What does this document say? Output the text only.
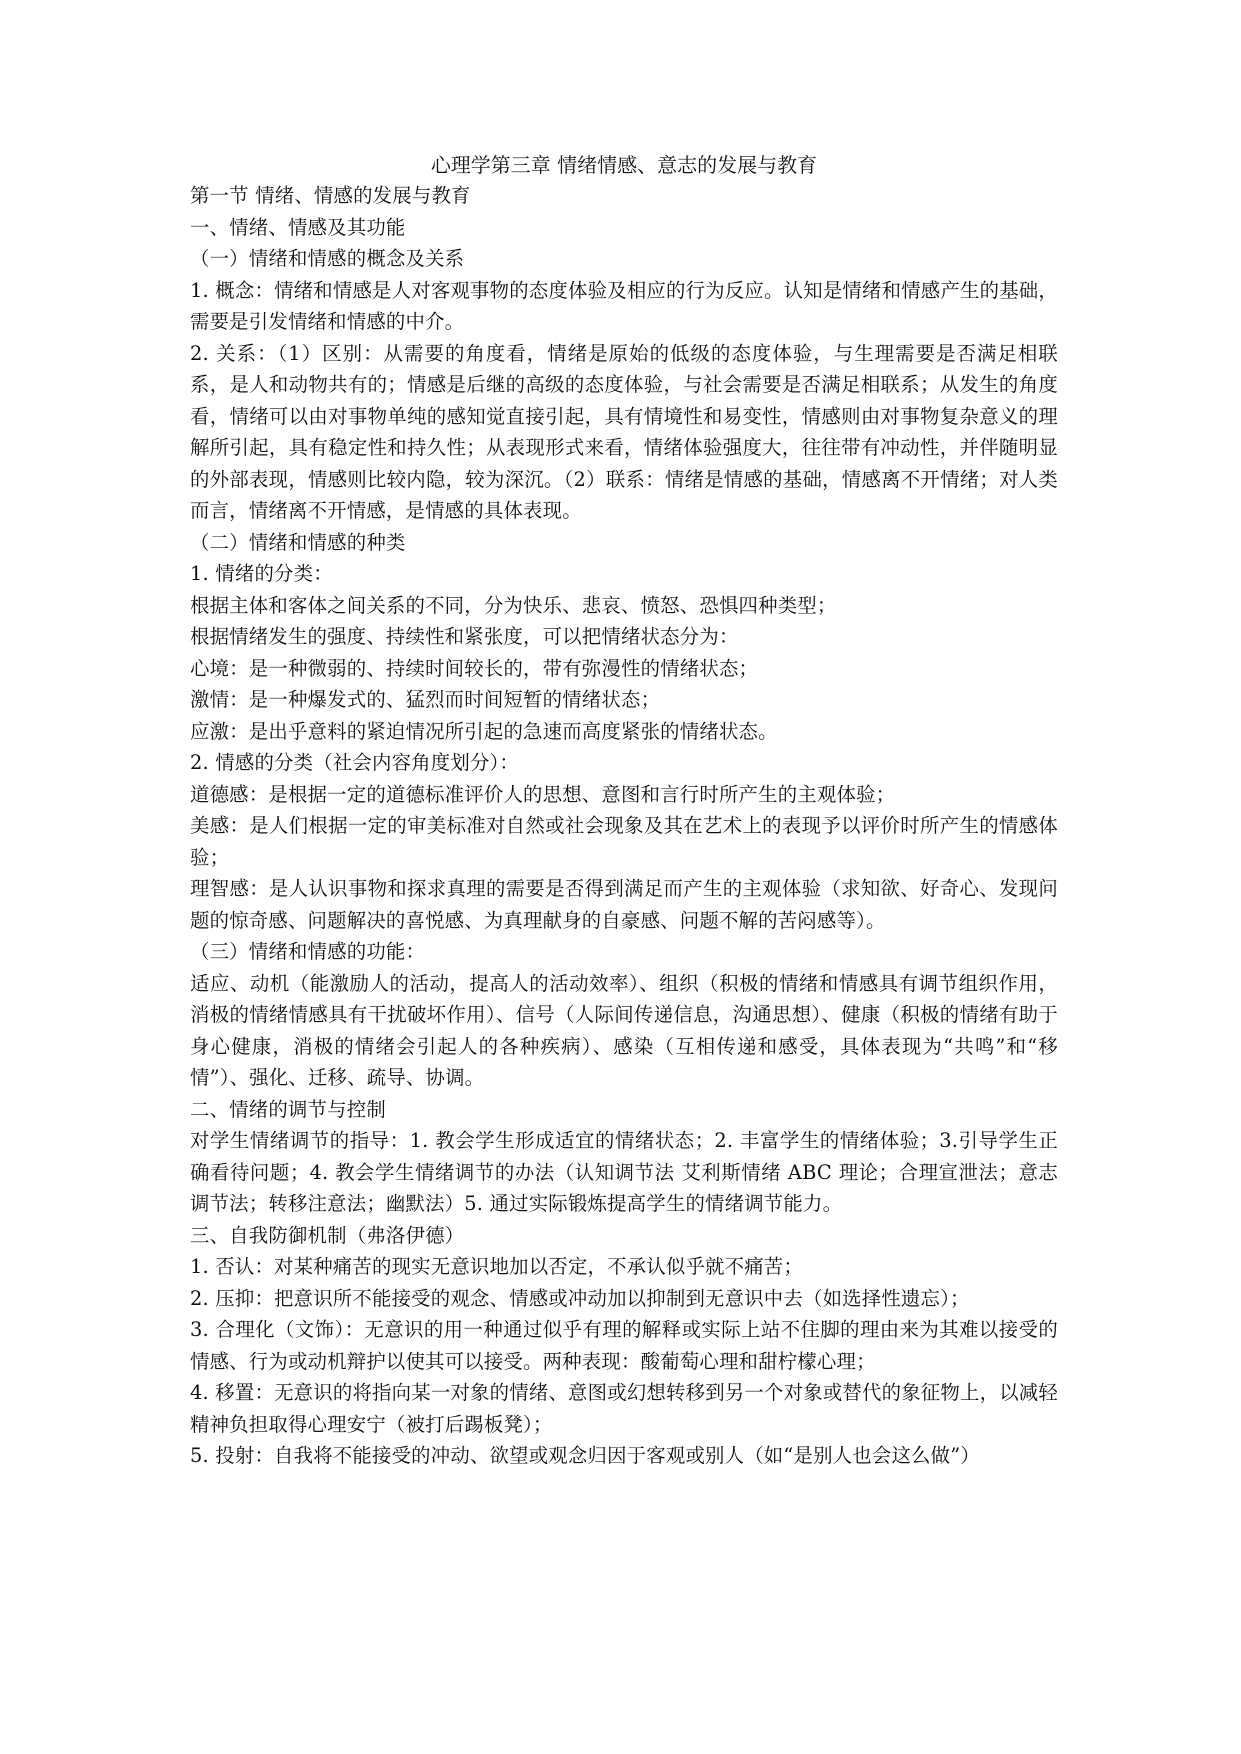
心理学第三章 情绪情感、意志的发展与教育

第一节 情绪、情感的发展与教育

一、情绪、情感及其功能

（一）情绪和情感的概念及关系

1. 概念：情绪和情感是人对客观事物的态度体验及相应的行为反应。认知是情绪和情感产生的基础，需要是引发情绪和情感的中介。

2. 关系：（1）区别：从需要的角度看，情绪是原始的低级的态度体验，与生理需要是否满足相联系，是人和动物共有的；情感是后继的高级的态度体验，与社会需要是否满足相联系；从发生的角度看，情绪可以由对事物单纯的感知觉直接引起，具有情境性和易变性，情感则由对事物复杂意义的理解所引起，具有稳定性和持久性；从表现形式来看，情绪体验强度大，往往带有冲动性，并伴随明显的外部表现，情感则比较内隐，较为深沉。（2）联系：情绪是情感的基础，情感离不开情绪；对人类而言，情绪离不开情感，是情感的具体表现。

（二）情绪和情感的种类

1. 情绪的分类：

根据主体和客体之间关系的不同，分为快乐、悲哀、愤怒、恐惧四种类型；

根据情绪发生的强度、持续性和紧张度，可以把情绪状态分为：

心境：是一种微弱的、持续时间较长的，带有弥漫性的情绪状态；

激情：是一种爆发式的、猛烈而时间短暂的情绪状态；

应激：是出乎意料的紧迫情况所引起的急速而高度紧张的情绪状态。

2. 情感的分类（社会内容角度划分）：

道德感：是根据一定的道德标准评价人的思想、意图和言行时所产生的主观体验；

美感：是人们根据一定的审美标准对自然或社会现象及其在艺术上的表现予以评价时所产生的情感体验；

理智感：是人认识事物和探求真理的需要是否得到满足而产生的主观体验（求知欲、好奇心、发现问题的惊奇感、问题解决的喜悦感、为真理献身的自豪感、问题不解的苦闷感等）。

（三）情绪和情感的功能：

适应、动机（能激励人的活动，提高人的活动效率）、组织（积极的情绪和情感具有调节组织作用，消极的情绪情感具有干扰破坏作用）、信号（人际间传递信息，沟通思想）、健康（积极的情绪有助于身心健康，消极的情绪会引起人的各种疾病）、感染（互相传递和感受，具体表现为“共鸣”和“移情”）、强化、迁移、疏导、协调。

二、情绪的调节与控制

对学生情绪调节的指导：1. 教会学生形成适宜的情绪状态；2. 丰富学生的情绪体验；3.引导学生正确看待问题；4. 教会学生情绪调节的办法（认知调节法 艾利斯情绪 ABC 理论；合理宣泄法；意志调节法；转移注意法；幽默法）5. 通过实际锻炼提高学生的情绪调节能力。

三、自我防御机制（弗洛伊德）

1. 否认：对某种痛苦的现实无意识地加以否定，不承认似乎就不痛苦；

2. 压抑：把意识所不能接受的观念、情感或冲动加以抑制到无意识中去（如选择性遗忘）；

3. 合理化（文饰）：无意识的用一种通过似乎有理的解释或实际上站不住脚的理由来为其难以接受的情感、行为或动机辩护以使其可以接受。两种表现：酸葡萄心理和甜柠檬心理；

4. 移置：无意识的将指向某一对象的情绪、意图或幻想转移到另一个对象或替代的象征物上，以减轻精神负担取得心理安宁（被打后踢板凳）；

5. 投射：自我将不能接受的冲动、欲望或观念归因于客观或别人（如“是别人也会这么做”）
